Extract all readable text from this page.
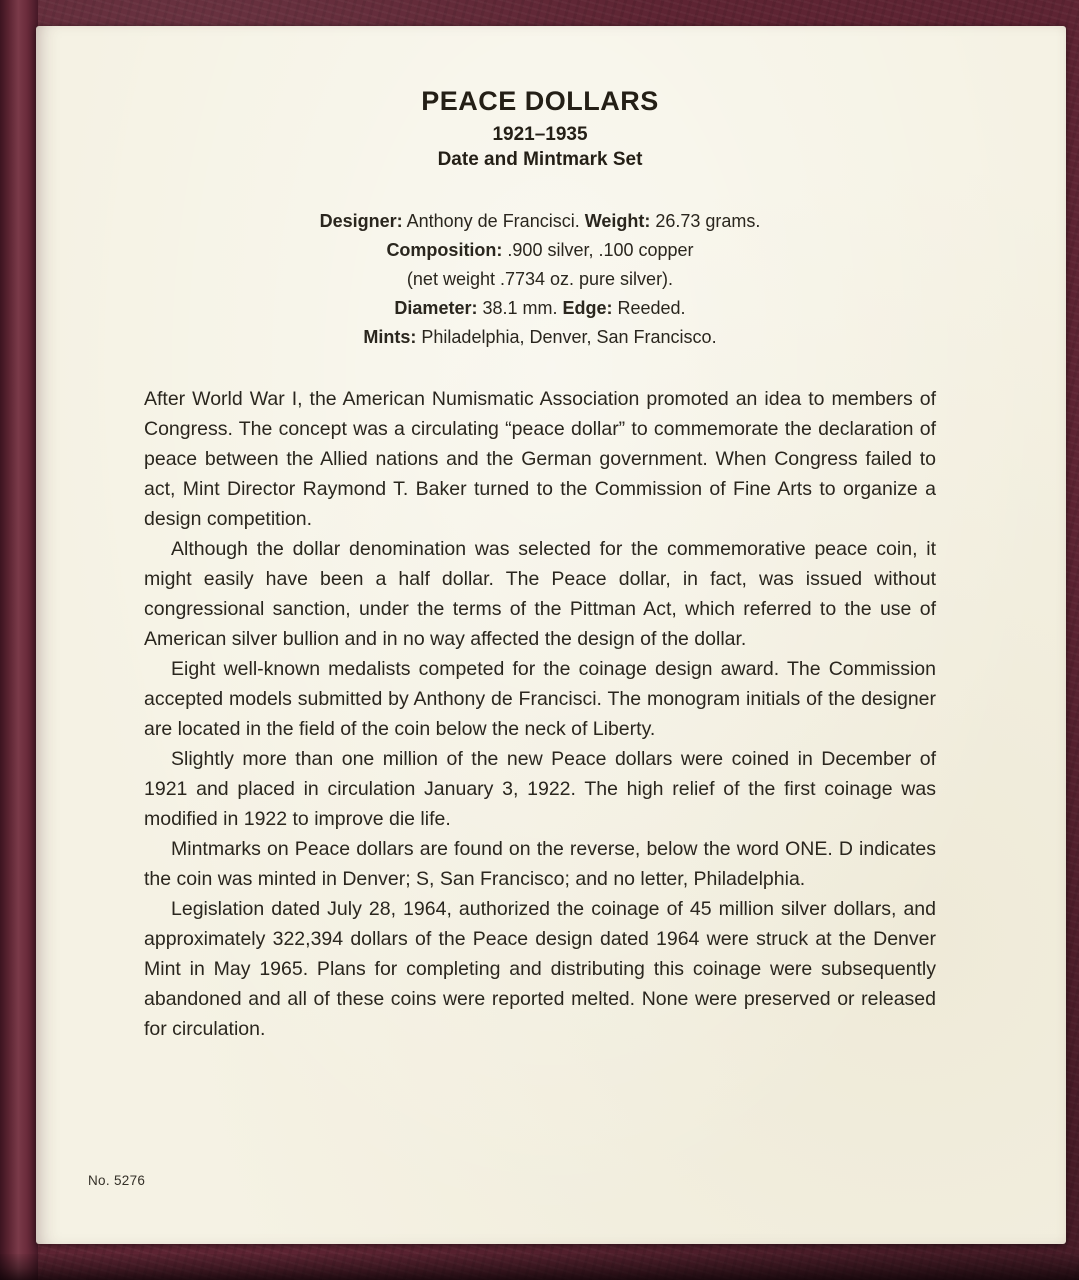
PEACE DOLLARS
1921–1935
Date and Mintmark Set
Designer: Anthony de Francisci. Weight: 26.73 grams.
Composition: .900 silver, .100 copper
(net weight .7734 oz. pure silver).
Diameter: 38.1 mm. Edge: Reeded.
Mints: Philadelphia, Denver, San Francisco.

After World War I, the American Numismatic Association promoted an idea to members of Congress. The concept was a circulating “peace dollar” to commemorate the declaration of peace between the Allied nations and the German government. When Congress failed to act, Mint Director Raymond T. Baker turned to the Commission of Fine Arts to organize a design competition.

Although the dollar denomination was selected for the commemorative peace coin, it might easily have been a half dollar. The Peace dollar, in fact, was issued without congressional sanction, under the terms of the Pittman Act, which referred to the use of American silver bullion and in no way affected the design of the dollar.

Eight well-known medalists competed for the coinage design award. The Commission accepted models submitted by Anthony de Francisci. The monogram initials of the designer are located in the field of the coin below the neck of Liberty.

Slightly more than one million of the new Peace dollars were coined in December of 1921 and placed in circulation January 3, 1922. The high relief of the first coinage was modified in 1922 to improve die life.

Mintmarks on Peace dollars are found on the reverse, below the word ONE. D indicates the coin was minted in Denver; S, San Francisco; and no letter, Philadelphia.

Legislation dated July 28, 1964, authorized the coinage of 45 million silver dollars, and approximately 322,394 dollars of the Peace design dated 1964 were struck at the Denver Mint in May 1965. Plans for completing and distributing this coinage were subsequently abandoned and all of these coins were reported melted. None were preserved or released for circulation.

No. 5276
